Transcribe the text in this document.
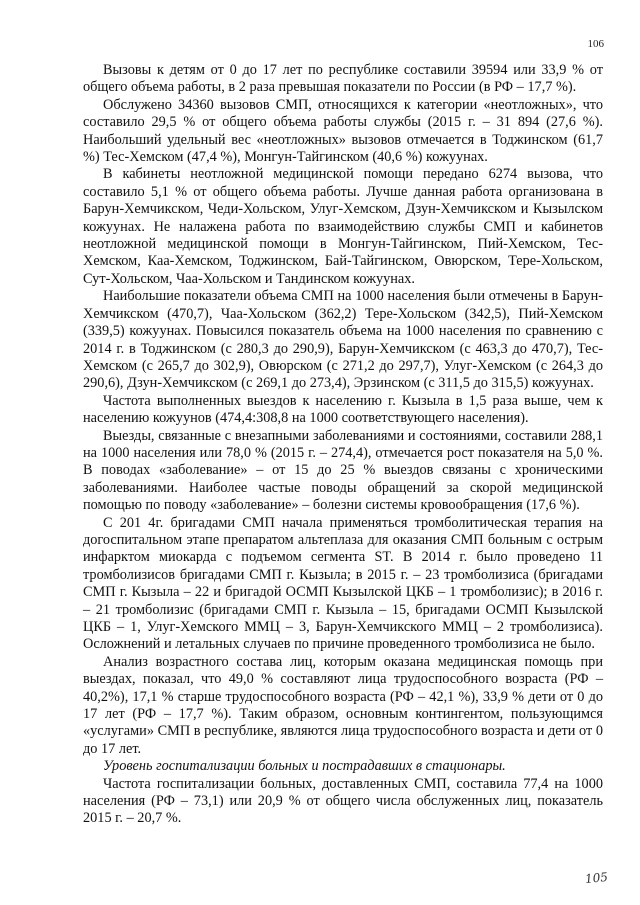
106

Вызовы к детям от 0 до 17 лет по республике составили 39594 или 33,9 % от общего объема работы, в 2 раза превышая показатели по России (в РФ – 17,7 %).

Обслужено 34360 вызовов СМП, относящихся к категории «неотложных», что составило 29,5 % от общего объема работы службы (2015 г. – 31 894 (27,6 %). Наибольший удельный вес «неотложных» вызовов отмечается в Тоджинском (61,7 %) Тес-Хемском (47,4 %), Монгун-Тайгинском (40,6 %) кожуунах.

В кабинеты неотложной медицинской помощи передано 6274 вызова, что составило 5,1 % от общего объема работы. Лучше данная работа организована в Барун-Хемчикском, Чеди-Хольском, Улуг-Хемском, Дзун-Хемчикском и Кызылском кожуунах. Не налажена работа по взаимодействию службы СМП и кабинетов неотложной медицинской помощи в Монгун-Тайгинском, Пий-Хемском, Тес-Хемском, Каа-Хемском, Тоджинском, Бай-Тайгинском, Овюрском, Тере-Хольском, Сут-Хольском, Чаа-Хольском и Тандинском кожуунах.

Наибольшие показатели объема СМП на 1000 населения были отмечены в Барун-Хемчикском (470,7), Чаа-Хольском (362,2) Тере-Хольском (342,5), Пий-Хемском (339,5) кожуунах. Повысился показатель объема на 1000 населения по сравнению с 2014 г. в Тоджинском (с 280,3 до 290,9), Барун-Хемчикском (с 463,3 до 470,7), Тес-Хемском (с 265,7 до 302,9), Овюрском (с 271,2 до 297,7), Улуг-Хемском (с 264,3 до 290,6), Дзун-Хемчикском (с 269,1 до 273,4), Эрзинском (с 311,5 до 315,5) кожуунах.

Частота выполненных выездов к населению г. Кызыла в 1,5 раза выше, чем к населению кожуунов (474,4:308,8 на 1000 соответствующего населения).

Выезды, связанные с внезапными заболеваниями и состояниями, составили 288,1 на 1000 населения или 78,0 % (2015 г. – 274,4), отмечается рост показателя на 5,0 %. В поводах «заболевание» – от 15 до 25 % выездов связаны с хроническими заболеваниями. Наиболее частые поводы обращений за скорой медицинской помощью по поводу «заболевание» – болезни системы кровообращения (17,6 %).

С 201 4г. бригадами СМП начала применяться тромболитическая терапия на догоспитальном этапе препаратом альтеплаза для оказания СМП больным с острым инфарктом миокарда с подъемом сегмента ST. В 2014 г. было проведено 11 тромболизисов бригадами СМП г. Кызыла; в 2015 г. – 23 тромболизиса (бригадами СМП г. Кызыла – 22 и бригадой ОСМП Кызылской ЦКБ – 1 тромболизис); в 2016 г. – 21 тромболизис (бригадами СМП г. Кызыла – 15, бригадами ОСМП Кызылской ЦКБ – 1, Улуг-Хемского ММЦ – 3, Барун-Хемчикского ММЦ – 2 тромболизиса). Осложнений и летальных случаев по причине проведенного тромболизиса не было.

Анализ возрастного состава лиц, которым оказана медицинская помощь при выездах, показал, что 49,0 % составляют лица трудоспособного возраста (РФ – 40,2%), 17,1 % старше трудоспособного возраста (РФ – 42,1 %), 33,9 % дети от 0 до 17 лет (РФ – 17,7 %). Таким образом, основным контингентом, пользующимся «услугами» СМП в республике, являются лица трудоспособного возраста и дети от 0 до 17 лет.

Уровень госпитализации больных и пострадавших в стационары.

Частота госпитализации больных, доставленных СМП, составила 77,4 на 1000 населения (РФ – 73,1) или 20,9 % от общего числа обслуженных лиц, показатель 2015 г. – 20,7 %.

105
